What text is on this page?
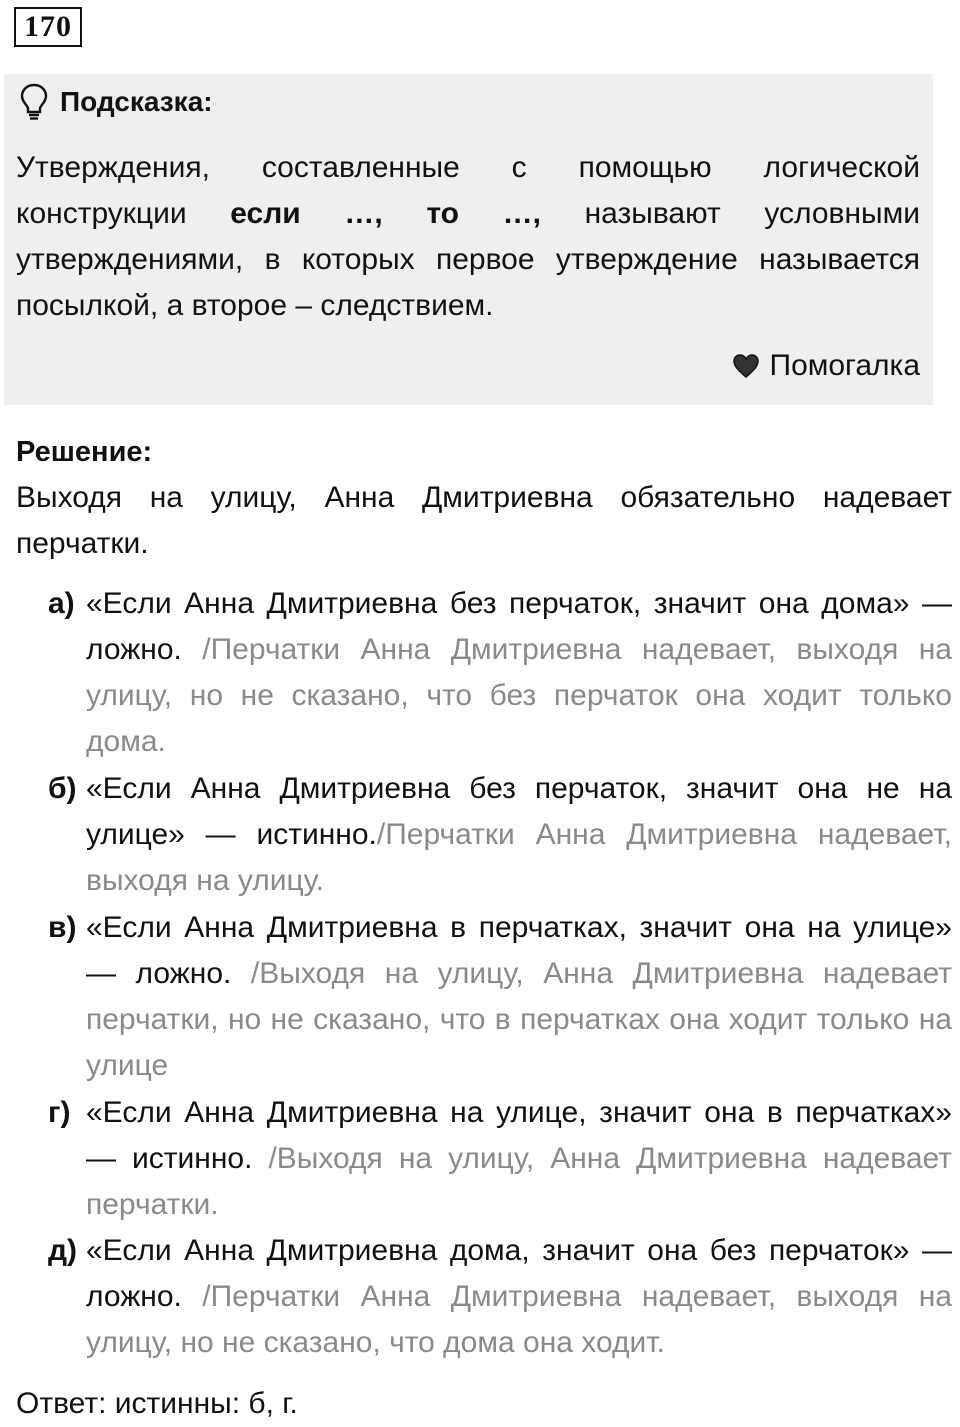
170
Подсказка:
Утверждения, составленные с помощью логической конструкции если …, то …, называют условными утверждениями, в которых первое утверждение называется посылкой, а второе – следствием.
Помогалка
Решение:
Выходя на улицу, Анна Дмитриевна обязательно надевает перчатки.
а) «Если Анна Дмитриевна без перчаток, значит она дома» — ложно. /Перчатки Анна Дмитриевна надевает, выходя на улицу, но не сказано, что без перчаток она ходит только дома.
б) «Если Анна Дмитриевна без перчаток, значит она не на улице» — истинно./Перчатки Анна Дмитриевна надевает, выходя на улицу.
в) «Если Анна Дмитриевна в перчатках, значит она на улице» — ложно. /Выходя на улицу, Анна Дмитриевна надевает перчатки, но не сказано, что в перчатках она ходит только на улице
г) «Если Анна Дмитриевна на улице, значит она в перчатках» — истинно. /Выходя на улицу, Анна Дмитриевна надевает перчатки.
д) «Если Анна Дмитриевна дома, значит она без перчаток» — ложно. /Перчатки Анна Дмитриевна надевает, выходя на улицу, но не сказано, что дома она ходит.
Ответ: истинны: б, г.
